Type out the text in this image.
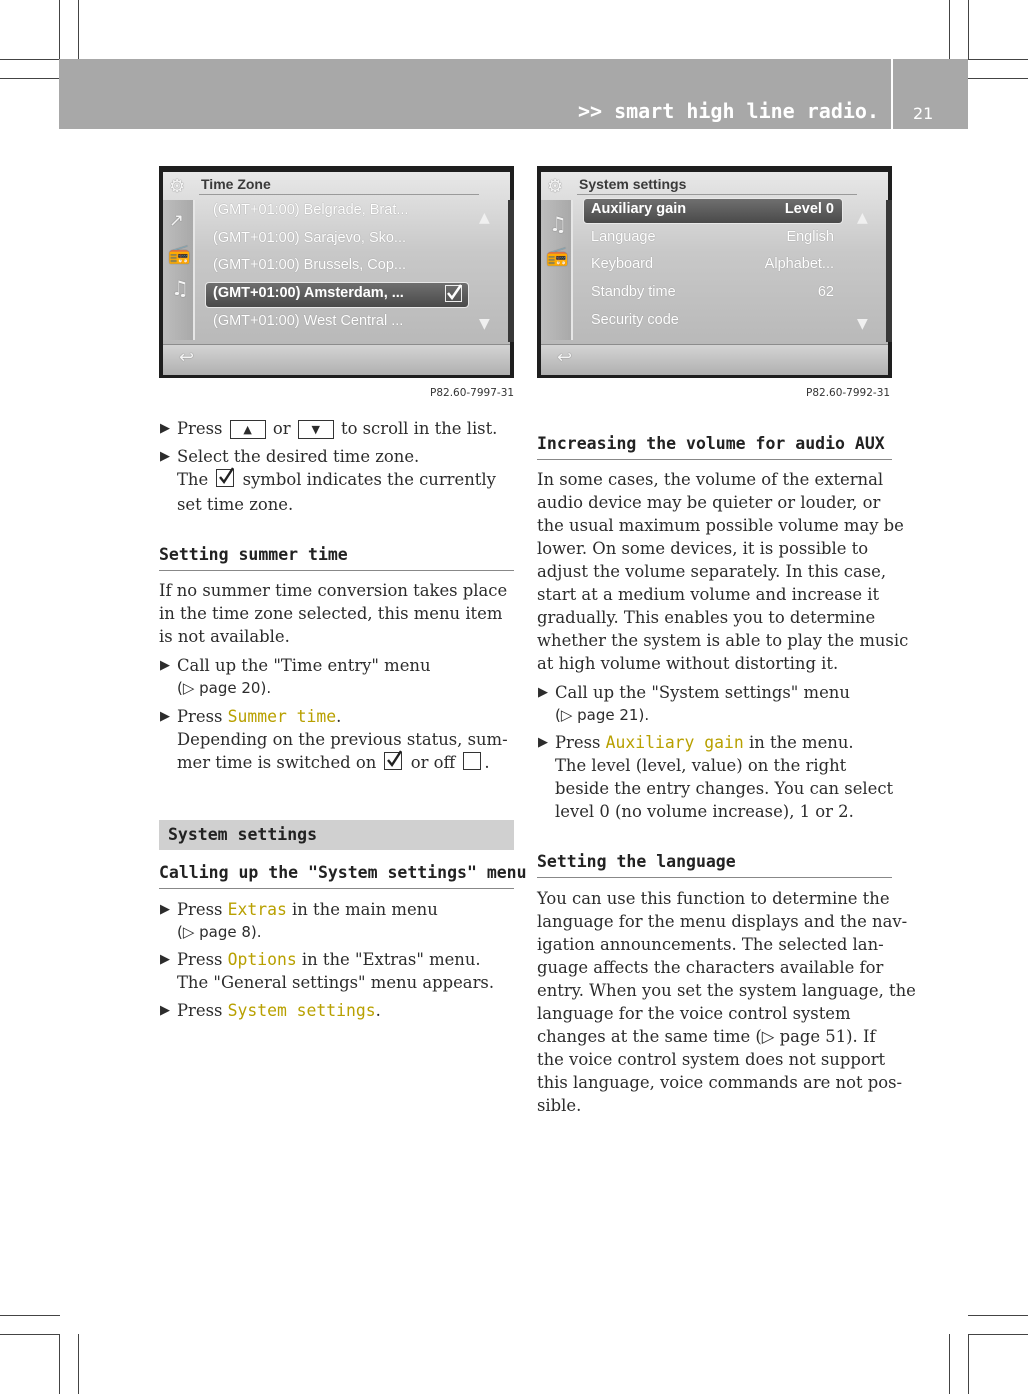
>> smart high line radio. 21
⚙
↗
📻
♫
Time Zone
(GMT+01:00) Belgrade, Brat...
(GMT+01:00) Sarajevo, Sko...
(GMT+01:00) Brussels, Cop...
(GMT+01:00) Amsterdam, ...
(GMT+01:00) West Central ...
▲
▼
↩
P82.60-7997-31
⚙
♫
📻
System settings
Auxiliary gain	Level 0
Language	English
Keyboard	Alphabet...
Standby time	62
Security code
▲
▼
↩
P82.60-7992-31
▶ Press ▲ or ▼ to scroll in the list.
▶ Select the desired time zone.
The symbol indicates the currently
set time zone.
Setting summer time
If no summer time conversion takes place
in the time zone selected, this menu item
is not available.
▶ Call up the "Time entry" menu
(▷ page 20).
▶ Press Summer time.
Depending on the previous status, sum-
mer time is switched on or off .
System settings
Calling up the "System settings" menu
▶ Press Extras in the main menu
(▷ page 8).
▶ Press Options in the "Extras" menu.
The "General settings" menu appears.
▶ Press System settings.
Increasing the volume for audio AUX
In some cases, the volume of the external
audio device may be quieter or louder, or
the usual maximum possible volume may be
lower. On some devices, it is possible to
adjust the volume separately. In this case,
start at a medium volume and increase it
gradually. This enables you to determine
whether the system is able to play the music
at high volume without distorting it.
▶ Call up the "System settings" menu
(▷ page 21).
▶ Press Auxiliary gain in the menu.
The level (level, value) on the right
beside the entry changes. You can select
level 0 (no volume increase), 1 or 2.
Setting the language
You can use this function to determine the
language for the menu displays and the nav-
igation announcements. The selected lan-
guage affects the characters available for
entry. When you set the system language, the
language for the voice control system
changes at the same time (▷ page 51). If
the voice control system does not support
this language, voice commands are not pos-
sible.
